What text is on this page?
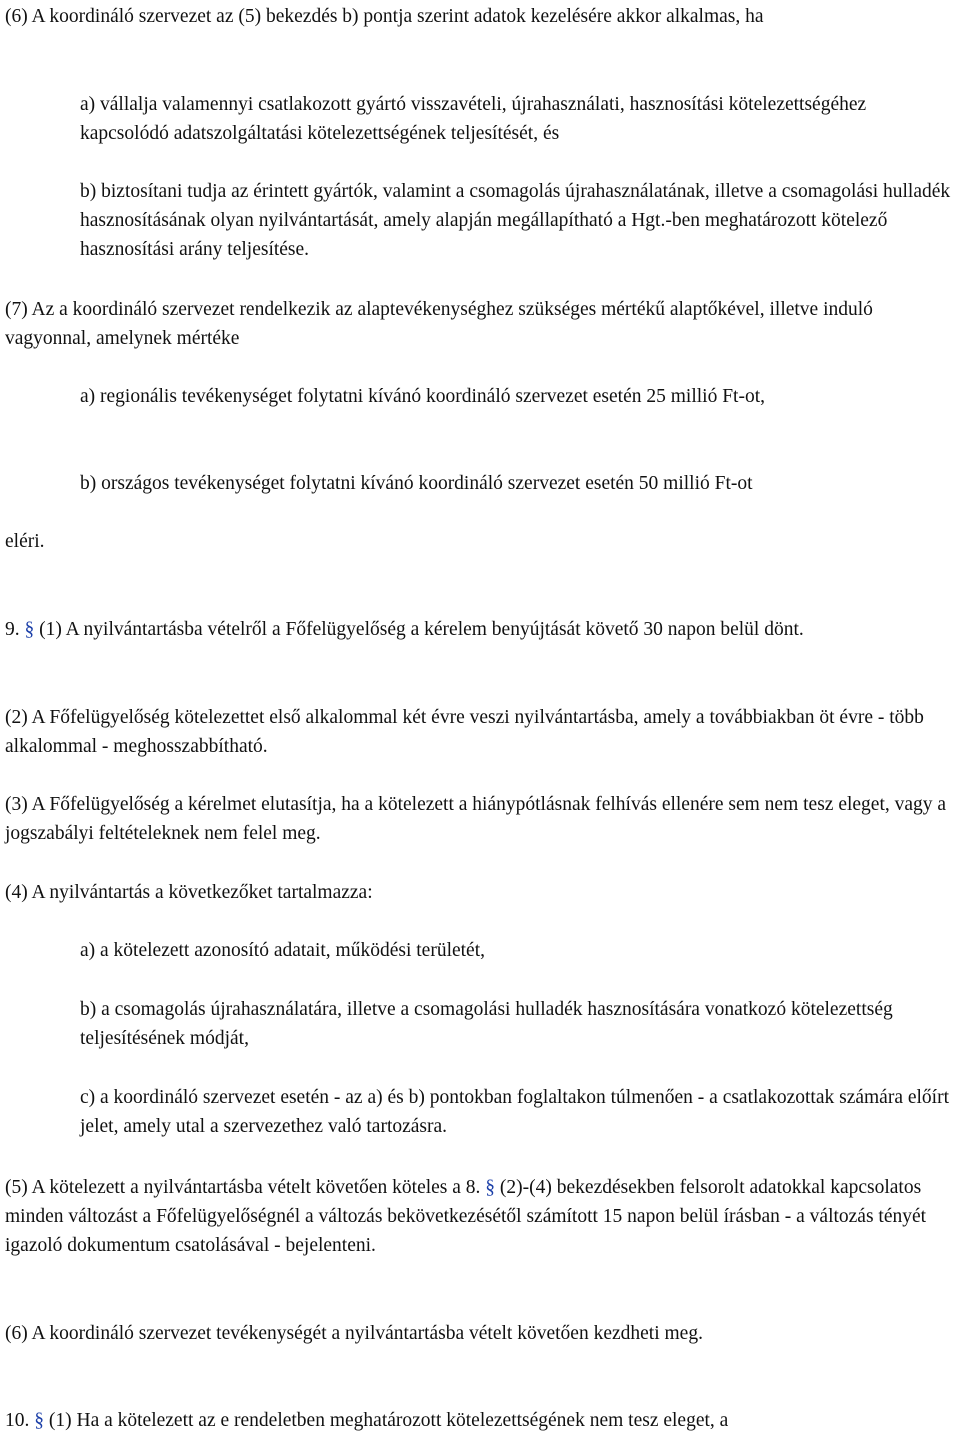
(6) A koordináló szervezet az (5) bekezdés b) pontja szerint adatok kezelésére akkor alkalmas, ha

a) vállalja valamennyi csatlakozott gyártó visszavételi, újrahasználati, hasznosítási kötelezettségéhez kapcsolódó adatszolgáltatási kötelezettségének teljesítését, és

b) biztosítani tudja az érintett gyártók, valamint a csomagolás újrahasználatának, illetve a csomagolási hulladék hasznosításának olyan nyilvántartását, amely alapján megállapítható a Hgt.-ben meghatározott kötelező hasznosítási arány teljesítése.

(7) Az a koordináló szervezet rendelkezik az alaptevékenységhez szükséges mértékű alaptőkével, illetve induló vagyonnal, amelynek mértéke

a) regionális tevékenységet folytatni kívánó koordináló szervezet esetén 25 millió Ft-ot,

b) országos tevékenységet folytatni kívánó koordináló szervezet esetén 50 millió Ft-ot

eléri.

9. § (1) A nyilvántartásba vételről a Főfelügyelőség a kérelem benyújtását követő 30 napon belül dönt.

(2) A Főfelügyelőség kötelezettet első alkalommal két évre veszi nyilvántartásba, amely a továbbiakban öt évre - több alkalommal - meghosszabbítható.

(3) A Főfelügyelőség a kérelmet elutasítja, ha a kötelezett a hiánypótlásnak felhívás ellenére sem nem tesz eleget, vagy a jogszabályi feltételeknek nem felel meg.

(4) A nyilvántartás a következőket tartalmazza:

a) a kötelezett azonosító adatait, működési területét,

b) a csomagolás újrahasználatára, illetve a csomagolási hulladék hasznosítására vonatkozó kötelezettség teljesítésének módját,

c) a koordináló szervezet esetén - az a) és b) pontokban foglaltakon túlmenően - a csatlakozottak számára előírt jelet, amely utal a szervezethez való tartozásra.

(5) A kötelezett a nyilvántartásba vételt követően köteles a 8. § (2)-(4) bekezdésekben felsorolt adatokkal kapcsolatos minden változást a Főfelügyelőségnél a változás bekövetkezésétől számított 15 napon belül írásban - a változás tényét igazoló dokumentum csatolásával - bejelenteni.

(6) A koordináló szervezet tevékenységét a nyilvántartásba vételt követően kezdheti meg.

10. § (1) Ha a kötelezett az e rendeletben meghatározott kötelezettségének nem tesz eleget, a
